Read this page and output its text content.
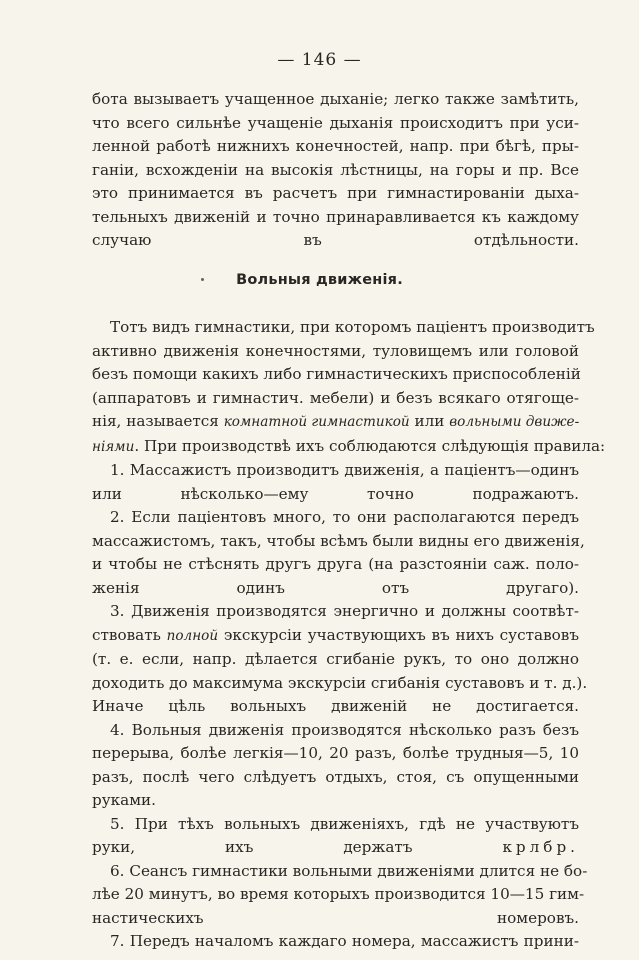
— 146 —
бота вызываетъ учащенное дыханіе; легко также замѣтить,
что всего сильнѣе учащеніе дыханія происходитъ при уси-
ленной работѣ нижнихъ конечностей, напр. при бѣгѣ, пры-
ганіи, всхожденіи на высокія лѣстницы, на горы и пр. Все
это принимается въ расчетъ при гимнастированіи дыха-
тельныхъ движеній и точно принаравливается къ каждому
случаю въ отдѣльности.
Вольныя движенія.
Тотъ видъ гимнастики, при которомъ паціентъ производитъ
активно движенія конечностями, туловищемъ или головой
безъ помощи какихъ либо гимнастическихъ приспособленій
(аппаратовъ и гимнастич. мебели) и безъ всякаго отягоще-
нія, называется комнатной гимнастикой или вольными движе-
ніями. При производствѣ ихъ соблюдаются слѣдующія правила:
1. Массажистъ производитъ движенія, а паціентъ—одинъ
или нѣсколько—ему точно подражаютъ.
2. Если паціентовъ много, то они располагаются передъ
массажистомъ, такъ, чтобы всѣмъ были видны его движенія,
и чтобы не стѣснять другъ друга (на разстояніи саж. поло-
женія одинъ отъ другаго).
3. Движенія производятся энергично и должны соотвѣт-
ствовать полной экскурсіи участвующихъ въ нихъ суставовъ
(т. е. если, напр. дѣлается сгибаніе рукъ, то оно должно
доходить до максимума экскурсіи сгибанія суставовъ и т. д.).
Иначе цѣль вольныхъ движеній не достигается.
4. Вольныя движенія производятся нѣсколько разъ безъ
перерыва, болѣе легкія—10, 20 разъ, болѣе трудныя—5, 10
разъ, послѣ чего слѣдуетъ отдыхъ, стоя, съ опущенными
руками.
5. При тѣхъ вольныхъ движеніяхъ, гдѣ не участвуютъ
руки, ихъ держатъ крлбр.
6. Сеансъ гимнастики вольными движеніями длится не бо-
лѣе 20 минутъ, во время которыхъ производится 10—15 гим-
настическихъ номеровъ.
7. Передъ началомъ каждаго номера, массажистъ прини-
